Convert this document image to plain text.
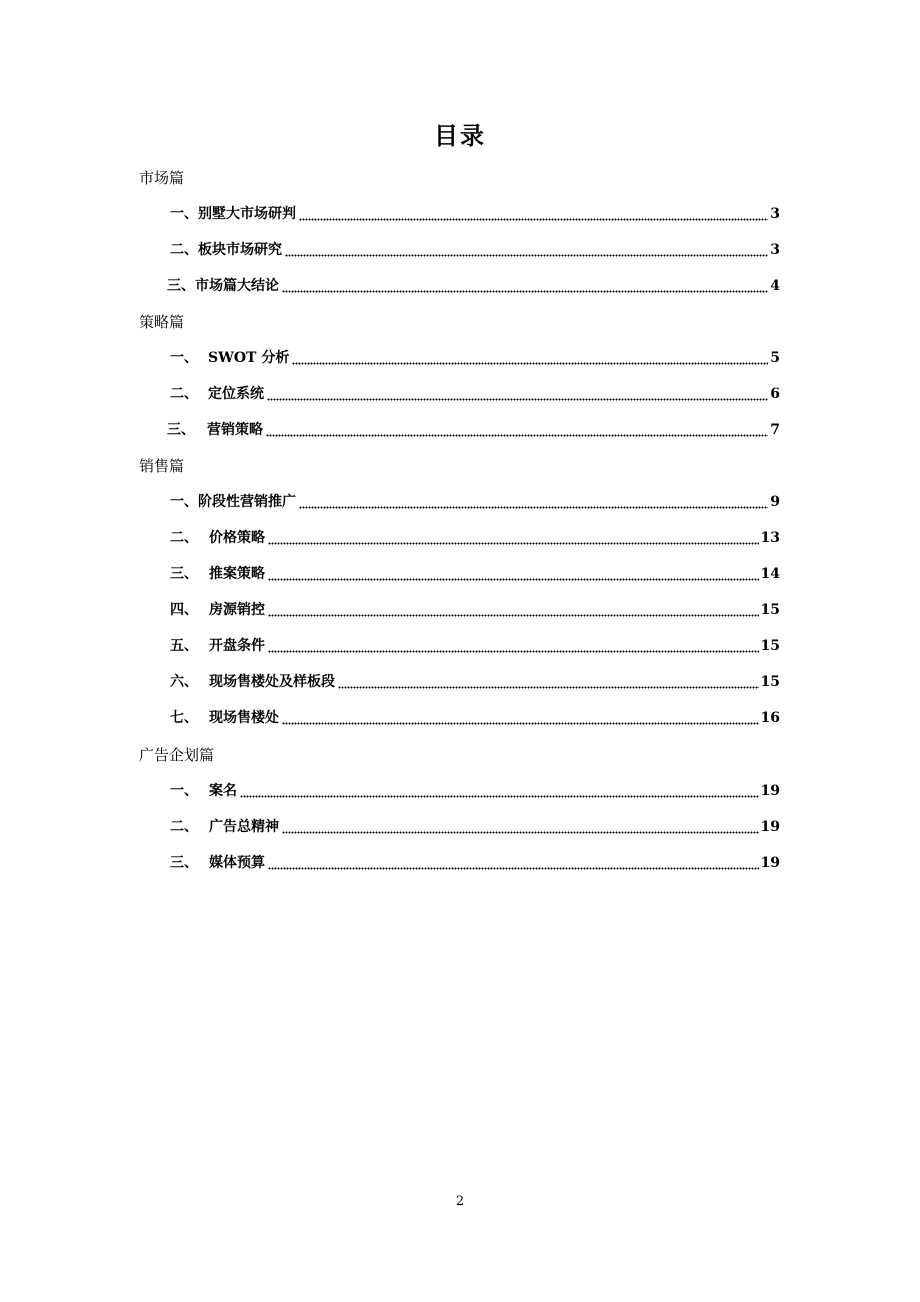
目录
市场篇
一、 别墅大市场研判	3
二、 板块市场研究	3
三、 市场篇大结论	4
策略篇
一、 SWOT 分析	5
二、 定位系统	6
三、 营销策略	7
销售篇
一、 阶段性营销推广	9
二、 价格策略	13
三、 推案策略	14
四、 房源销控	15
五、 开盘条件	15
六、 现场售楼处及样板段	15
七、 现场售楼处	16
广告企划篇
一、 案名	19
二、 广告总精神	19
三、 媒体预算	19
2
